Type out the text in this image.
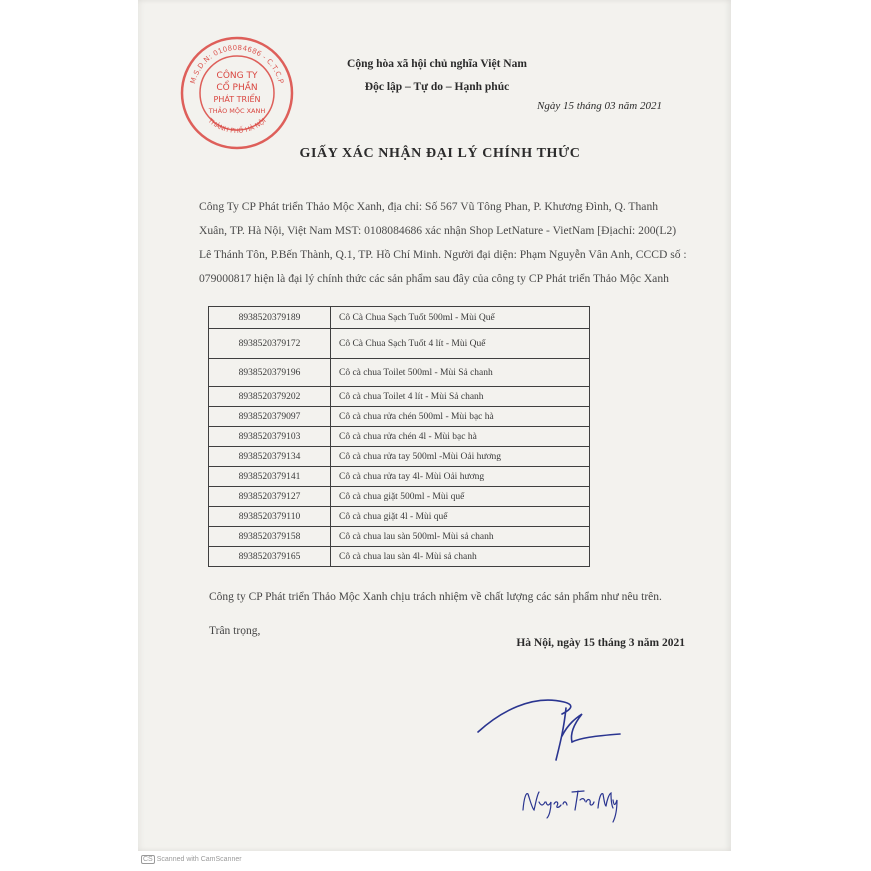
M.S.D.N: 0108084686 - C.T.C.P
THÀNH PHỐ HÀ NỘI
CÔNG TY
CỔ PHẦN
PHÁT TRIỂN
THẢO MỘC XANH
Cộng hòa xã hội chủ nghĩa Việt Nam
Độc lập – Tự do – Hạnh phúc
Ngày 15 tháng 03 năm 2021
GIẤY XÁC NHẬN ĐẠI LÝ CHÍNH THỨC
Công Ty CP Phát triển Thảo Mộc Xanh, địa chỉ: Số 567 Vũ Tông Phan, P. Khương Đình, Q. Thanh
Xuân, TP. Hà Nội, Việt Nam MST: 0108084686 xác nhận Shop LetNature - VietNam [Địachỉ: 200(L2)
Lê Thánh Tôn, P.Bến Thành, Q.1, TP. Hồ Chí Minh. Người đại diện: Phạm Nguyễn Vân Anh, CCCD số :
079000817 hiện là đại lý chính thức các sản phẩm sau đây của công ty CP Phát triển Thảo Mộc Xanh
8938520379189	Cô Cà Chua Sạch Tuốt 500ml - Mùi Quế
8938520379172	Cô Cà Chua Sạch Tuốt 4 lít - Mùi Quế
8938520379196	Cô cà chua Toilet 500ml - Mùi Sả chanh
8938520379202	Cô cà chua Toilet 4 lít - Mùi Sả chanh
8938520379097	Cô cà chua rửa chén 500ml - Mùi bạc hà
8938520379103	Cô cà chua rửa chén 4l - Mùi bạc hà
8938520379134	Cô cà chua rửa tay 500ml -Mùi Oải hương
8938520379141	Cô cà chua rửa tay 4l- Mùi Oải hương
8938520379127	Cô cà chua giặt 500ml - Mùi quế
8938520379110	Cô cà chua giặt 4l - Mùi quế
8938520379158	Cô cà chua lau sàn 500ml- Mùi sả chanh
8938520379165	Cô cà chua lau sàn 4l- Mùi sả chanh
Công ty CP Phát triển Thảo Mộc Xanh chịu trách nhiệm về chất lượng các sản phẩm như nêu trên.
Trân trọng,
Hà Nội, ngày 15 tháng 3 năm 2021
CS Scanned with CamScanner
